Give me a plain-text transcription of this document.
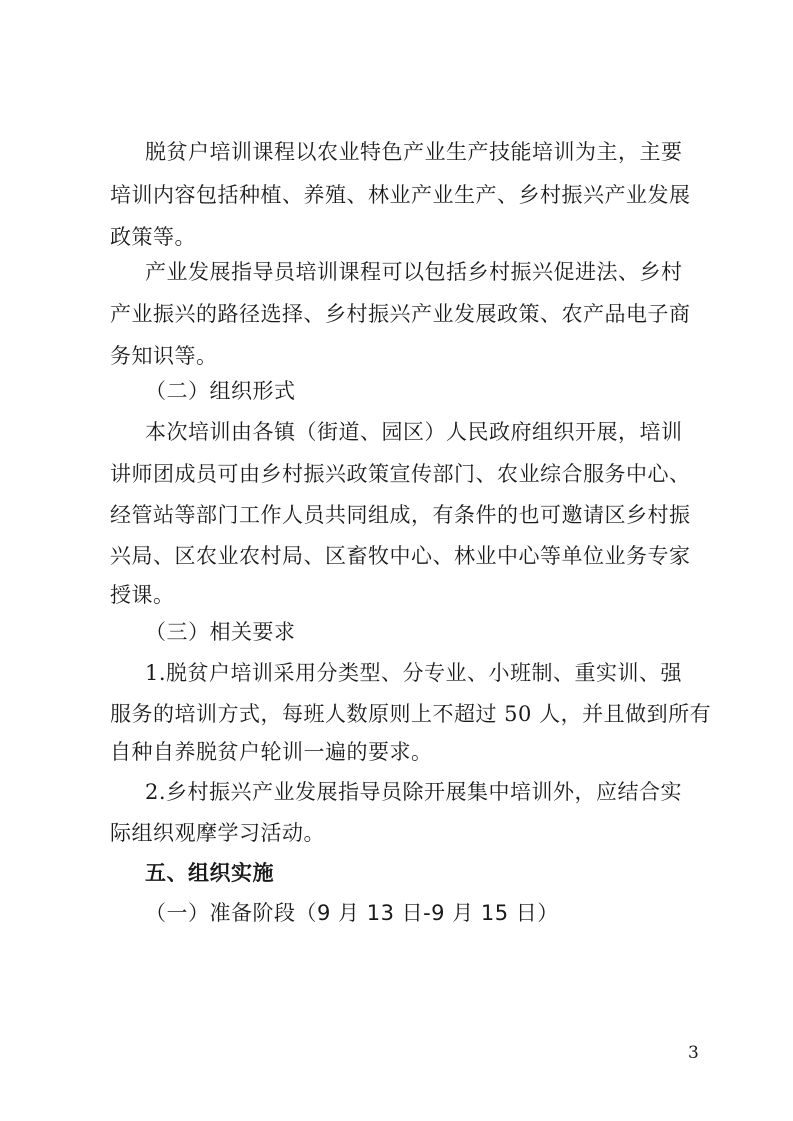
脱贫户培训课程以农业特色产业生产技能培训为主，主要
培训内容包括种植、养殖、林业产业生产、乡村振兴产业发展
政策等。
产业发展指导员培训课程可以包括乡村振兴促进法、乡村
产业振兴的路径选择、乡村振兴产业发展政策、农产品电子商
务知识等。
（二）组织形式
本次培训由各镇（街道、园区）人民政府组织开展，培训
讲师团成员可由乡村振兴政策宣传部门、农业综合服务中心、
经管站等部门工作人员共同组成，有条件的也可邀请区乡村振
兴局、区农业农村局、区畜牧中心、林业中心等单位业务专家
授课。
（三）相关要求
1.脱贫户培训采用分类型、分专业、小班制、重实训、强
服务的培训方式，每班人数原则上不超过 50 人，并且做到所有
自种自养脱贫户轮训一遍的要求。
2.乡村振兴产业发展指导员除开展集中培训外，应结合实
际组织观摩学习活动。
五、组织实施
（一）准备阶段（9 月 13 日-9 月 15 日）
3
